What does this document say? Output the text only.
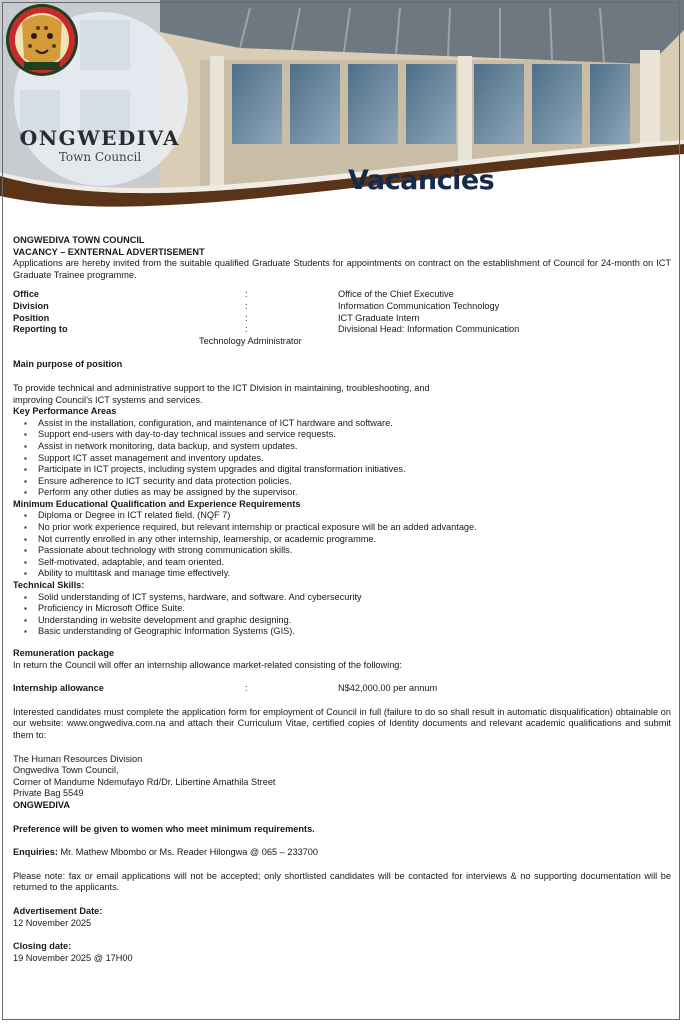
ONGWEDIVA
Town Council
Vacancies

ONGWEDIVA TOWN COUNCIL

VACANCY – EXNTERNAL ADVERTISEMENT

Applications are hereby invited from the suitable qualified Graduate Students for appointments on contract on the establishment of Council for 24-month on ICT Graduate Trainee programme.

Office	:	Office of the Chief Executive
Division	:	Information Communication Technology
Position	:	ICT Graduate Intern
Reporting to	:	Divisional Head: Information Communication

Technology Administrator

Main purpose of position

To provide technical and administrative support to the ICT Division in maintaining, troubleshooting, and improving Council’s ICT systems and services.

Key Performance Areas

▪ Assist in the installation, configuration, and maintenance of ICT hardware and software.
▪ Support end-users with day-to-day technical issues and service requests.
▪ Assist in network monitoring, data backup, and system updates.
▪ Support ICT asset management and inventory updates.
▪ Participate in ICT projects, including system upgrades and digital transformation initiatives.
▪ Ensure adherence to ICT security and data protection policies.
▪ Perform any other duties as may be assigned by the supervisor.

Minimum Educational Qualification and Experience Requirements

▪ Diploma or Degree in ICT related field. (NQF 7)
▪ No prior work experience required, but relevant internship or practical exposure will be an added advantage.
▪ Not currently enrolled in any other internship, learnership, or academic programme.
▪ Passionate about technology with strong communication skills.
▪ Self-motivated, adaptable, and team oriented.
▪ Ability to multitask and manage time effectively.

Technical Skills:

▪ Solid understanding of ICT systems, hardware, and software. And cybersecurity
▪ Proficiency in Microsoft Office Suite.
▪ Understanding in website development and graphic designing.
▪ Basic understanding of Geographic Information Systems (GIS).

Remuneration package

In return the Council will offer an internship allowance market-related consisting of the following:

Internship allowance	:	N$42,000.00 per annum

Interested candidates must complete the application form for employment of Council in full (failure to do so shall result in automatic disqualification) obtainable on our website: www.ongwediva.com.na and attach their Curriculum Vitae, certified copies of Identity documents and relevant academic qualifications and submit them to:

The Human Resources Division

Ongwediva Town Council,

Corner of Mandume Ndemufayo Rd/Dr. Libertine Amathila Street

Private Bag 5549

ONGWEDIVA

Preference will be given to women who meet minimum requirements.

Enquiries: Mr. Mathew Mbombo or Ms. Reader Hilongwa @ 065 – 233700

Please note: fax or email applications will not be accepted; only shortlisted candidates will be contacted for interviews & no supporting documentation will be returned to the applicants.

Advertisement Date:

12 November 2025

Closing date:

19 November 2025 @ 17H00
